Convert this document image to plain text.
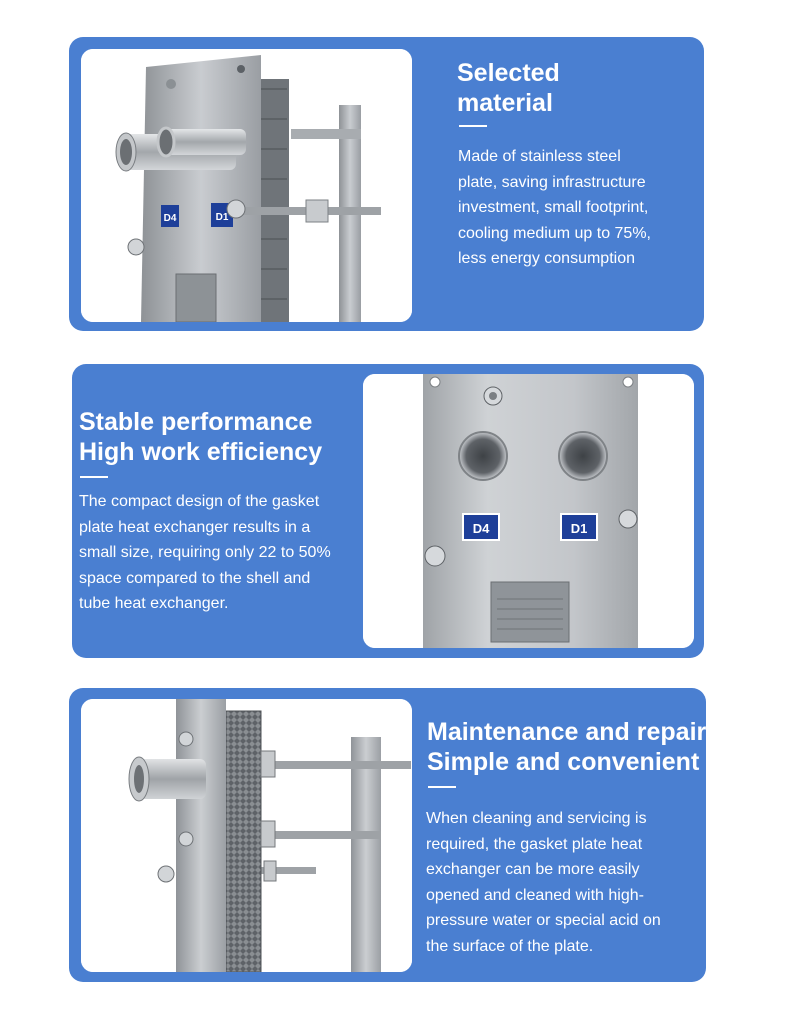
D4	D1

Selected
material

Made of stainless steel
plate, saving infrastructure
investment, small footprint,
cooling medium up to 75%,
less energy consumption

Stable performance
High work efficiency

The compact design of the gasket
plate heat exchanger results in a
small size, requiring only 22 to 50%
space compared to the shell and
tube heat exchanger.

D4	D1

Maintenance and repair
Simple and convenient

When cleaning and servicing is
required, the gasket plate heat
exchanger can be more easily
opened and cleaned with high-
pressure water or special acid on
the surface of the plate.
